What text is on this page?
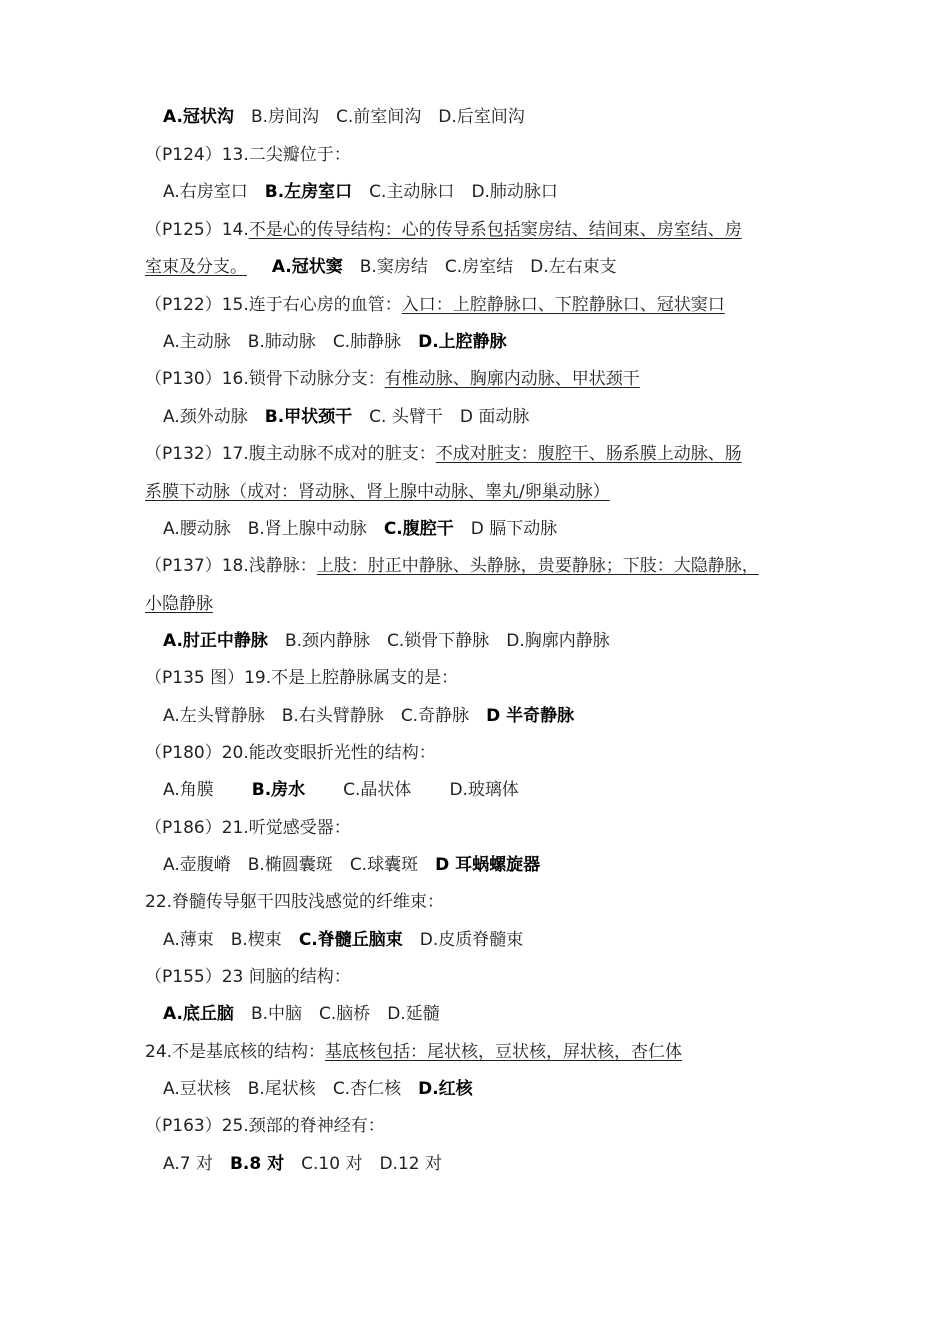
A.冠状沟 B.房间沟 C.前室间沟 D.后室间沟
（P124）13.二尖瓣位于：
A.右房室口 B.左房室口 C.主动脉口 D.肺动脉口
（P125）14.不是心的传导结构：心的传导系包括窦房结、结间束、房室结、房
室束及分支。 A.冠状窦 B.窦房结 C.房室结 D.左右束支
（P122）15.连于右心房的血管：入口：上腔静脉口、下腔静脉口、冠状窦口
A.主动脉 B.肺动脉 C.肺静脉 D.上腔静脉
（P130）16.锁骨下动脉分支：有椎动脉、胸廓内动脉、甲状颈干
A.颈外动脉 B.甲状颈干 C. 头臂干 D 面动脉
（P132）17.腹主动脉不成对的脏支：不成对脏支：腹腔干、肠系膜上动脉、肠
系膜下动脉（成对：肾动脉、肾上腺中动脉、睾丸/卵巢动脉）
A.腰动脉 B.肾上腺中动脉 C.腹腔干 D 膈下动脉
（P137）18.浅静脉：上肢：肘正中静脉、头静脉，贵要静脉；下肢：大隐静脉，
小隐静脉
A.肘正中静脉 B.颈内静脉 C.锁骨下静脉 D.胸廓内静脉
（P135 图）19.不是上腔静脉属支的是：
A.左头臂静脉 B.右头臂静脉 C.奇静脉 D 半奇静脉
（P180）20.能改变眼折光性的结构：
A.角膜 B.房水 C.晶状体 D.玻璃体
（P186）21.听觉感受器：
A.壶腹嵴 B.椭圆囊斑 C.球囊斑 D 耳蜗螺旋器
22.脊髓传导躯干四肢浅感觉的纤维束：
A.薄束 B.楔束 C.脊髓丘脑束 D.皮质脊髓束
（P155）23 间脑的结构：
A.底丘脑 B.中脑 C.脑桥 D.延髓
24.不是基底核的结构：基底核包括：尾状核，豆状核，屏状核，杏仁体
A.豆状核 B.尾状核 C.杏仁核 D.红核
（P163）25.颈部的脊神经有：
A.7 对 B.8 对 C.10 对 D.12 对
